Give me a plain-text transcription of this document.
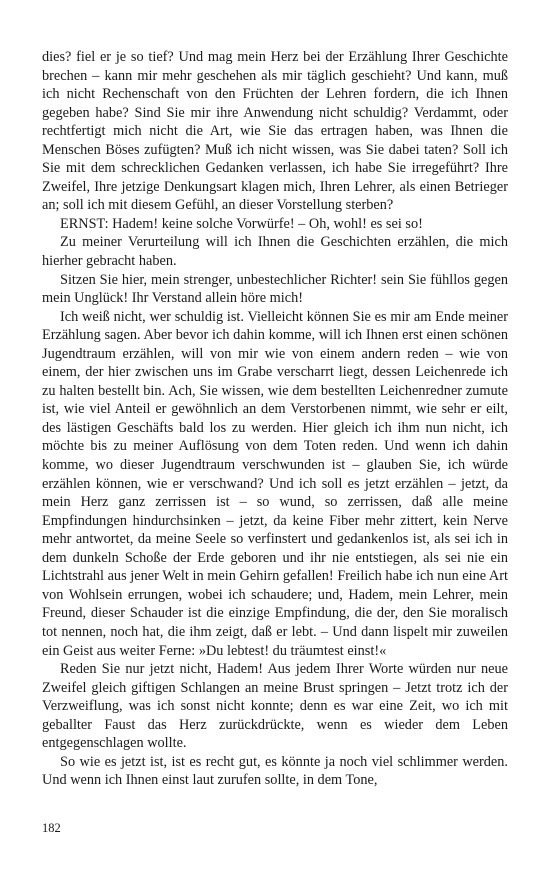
dies? fiel er je so tief? Und mag mein Herz bei der Erzählung Ihrer Geschichte brechen – kann mir mehr geschehen als mir täglich geschieht? Und kann, muß ich nicht Rechenschaft von den Früchten der Lehren fordern, die ich Ihnen gegeben habe? Sind Sie mir ihre Anwendung nicht schuldig? Verdammt, oder rechtfertigt mich nicht die Art, wie Sie das ertragen haben, was Ihnen die Menschen Böses zufügten? Muß ich nicht wissen, was Sie dabei taten? Soll ich Sie mit dem schrecklichen Gedanken verlassen, ich habe Sie irregeführt? Ihre Zweifel, Ihre jetzige Denkungsart klagen mich, Ihren Lehrer, als einen Betrieger an; soll ich mit diesem Gefühl, an dieser Vorstellung sterben?

ERNST: Hadem! keine solche Vorwürfe! – Oh, wohl! es sei so!

Zu meiner Verurteilung will ich Ihnen die Geschichten erzählen, die mich hierher gebracht haben.

Sitzen Sie hier, mein strenger, unbestechlicher Richter! sein Sie fühllos gegen mein Unglück! Ihr Verstand allein höre mich!

Ich weiß nicht, wer schuldig ist. Vielleicht können Sie es mir am Ende meiner Erzählung sagen. Aber bevor ich dahin komme, will ich Ihnen erst einen schönen Jugendtraum erzählen, will von mir wie von einem andern reden – wie von einem, der hier zwischen uns im Grabe verscharrt liegt, dessen Leichenrede ich zu halten bestellt bin. Ach, Sie wissen, wie dem bestellten Leichenredner zumute ist, wie viel Anteil er gewöhnlich an dem Verstorbenen nimmt, wie sehr er eilt, des lästigen Geschäfts bald los zu werden. Hier gleich ich ihm nun nicht, ich möchte bis zu meiner Auflösung von dem Toten reden. Und wenn ich dahin komme, wo dieser Jugendtraum verschwunden ist – glauben Sie, ich würde erzählen können, wie er verschwand? Und ich soll es jetzt erzählen – jetzt, da mein Herz ganz zerrissen ist – so wund, so zerrissen, daß alle meine Empfindungen hindurchsinken – jetzt, da keine Fiber mehr zittert, kein Nerve mehr antwortet, da meine Seele so verfinstert und gedankenlos ist, als sei ich in dem dunkeln Schoße der Erde geboren und ihr nie entstiegen, als sei nie ein Lichtstrahl aus jener Welt in mein Gehirn gefallen! Freilich habe ich nun eine Art von Wohlsein errungen, wobei ich schaudere; und, Hadem, mein Lehrer, mein Freund, dieser Schauder ist die einzige Empfindung, die der, den Sie moralisch tot nennen, noch hat, die ihm zeigt, daß er lebt. – Und dann lispelt mir zuweilen ein Geist aus weiter Ferne: »Du lebtest! du träumtest einst!«

Reden Sie nur jetzt nicht, Hadem! Aus jedem Ihrer Worte würden nur neue Zweifel gleich giftigen Schlangen an meine Brust springen – Jetzt trotz ich der Verzweiflung, was ich sonst nicht konnte; denn es war eine Zeit, wo ich mit geballter Faust das Herz zurückdrückte, wenn es wieder dem Leben entgegenschlagen wollte.

So wie es jetzt ist, ist es recht gut, es könnte ja noch viel schlimmer werden. Und wenn ich Ihnen einst laut zurufen sollte, in dem Tone,

182
